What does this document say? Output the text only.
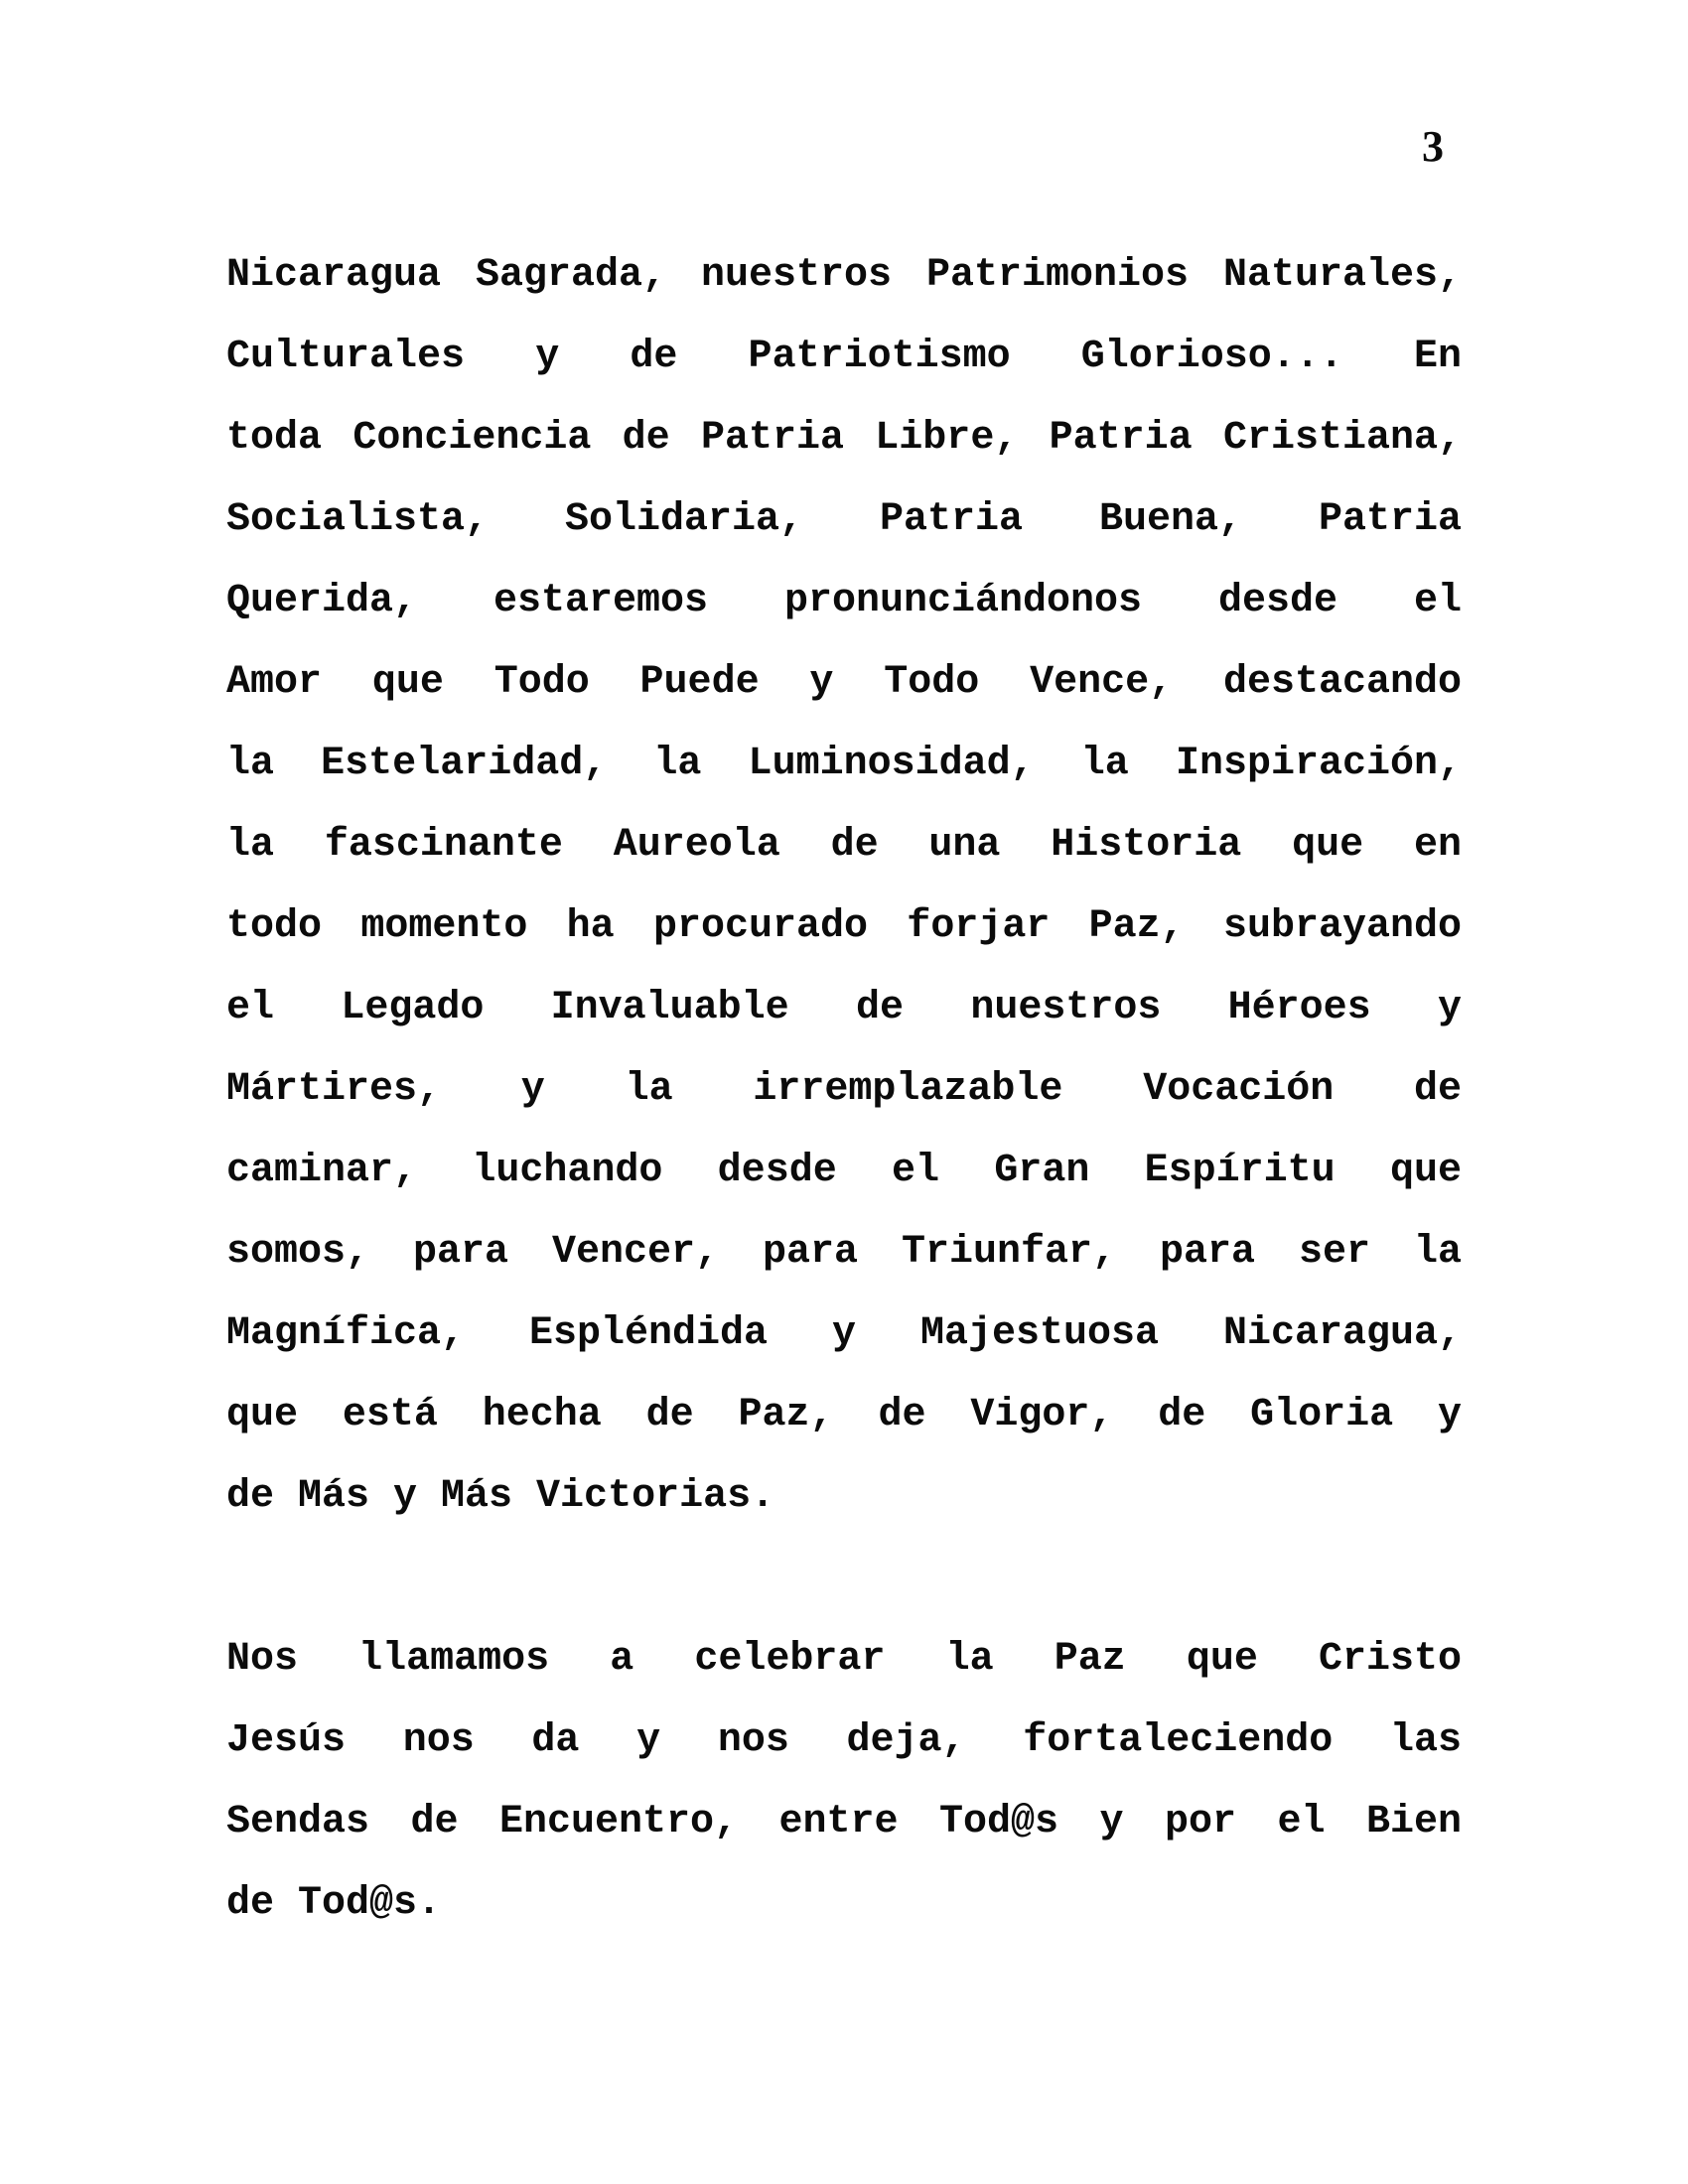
3
Nicaragua Sagrada, nuestros Patrimonios Naturales,
Culturales y de Patriotismo Glorioso... En
toda Conciencia de Patria Libre, Patria Cristiana,
Socialista, Solidaria, Patria Buena, Patria
Querida, estaremos pronunciándonos desde el
Amor que Todo Puede y Todo Vence, destacando
la Estelaridad, la Luminosidad, la Inspiración,
la fascinante Aureola de una Historia que en
todo momento ha procurado forjar Paz, subrayando
el Legado Invaluable de nuestros Héroes y
Mártires, y la irremplazable Vocación de
caminar, luchando desde el Gran Espíritu que
somos, para Vencer, para Triunfar, para ser la
Magnífica, Espléndida y Majestuosa Nicaragua,
que está hecha de Paz, de Vigor, de Gloria y
de Más y Más Victorias.
Nos llamamos a celebrar la Paz que Cristo
Jesús nos da y nos deja, fortaleciendo las
Sendas de Encuentro, entre Tod@s y por el Bien
de Tod@s.
